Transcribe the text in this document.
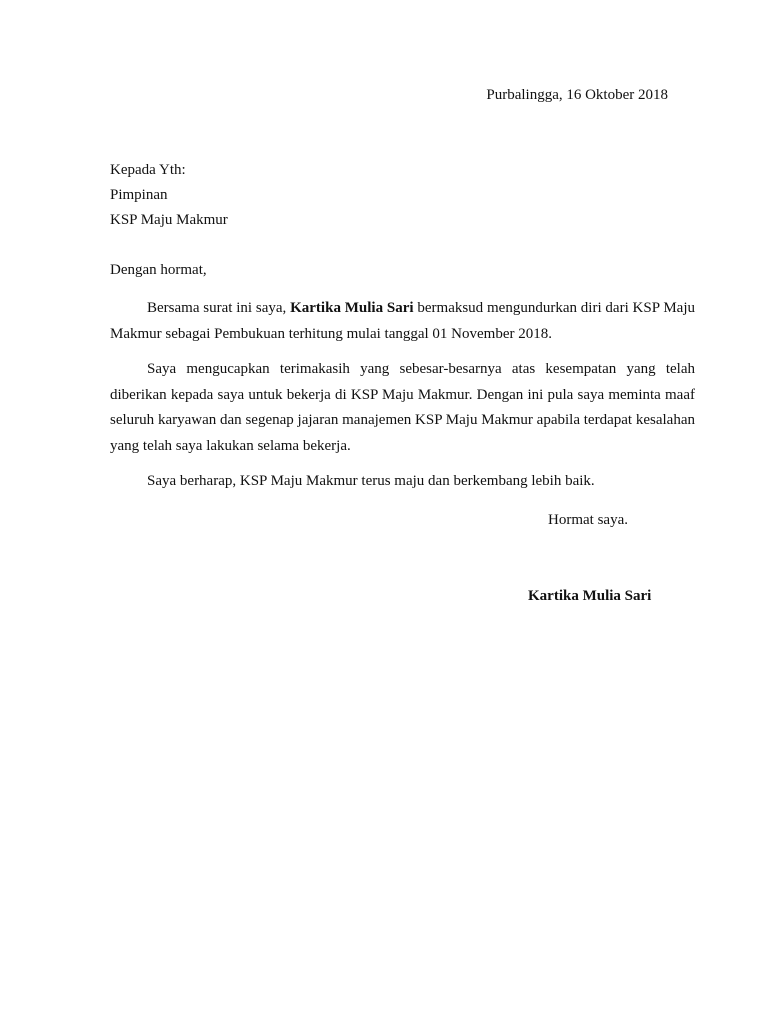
Purbalingga, 16 Oktober 2018
Kepada Yth:
Pimpinan
KSP Maju Makmur
Dengan hormat,

Bersama surat ini saya, Kartika Mulia Sari bermaksud mengundurkan diri dari KSP Maju Makmur sebagai Pembukuan terhitung mulai tanggal 01 November 2018.

Saya mengucapkan terimakasih yang sebesar-besarnya atas kesempatan yang telah diberikan kepada saya untuk bekerja di KSP Maju Makmur. Dengan ini pula saya meminta maaf seluruh karyawan dan segenap jajaran manajemen KSP Maju Makmur apabila terdapat kesalahan yang telah saya lakukan selama bekerja.

Saya berharap, KSP Maju Makmur terus maju dan berkembang lebih baik.

Hormat saya.
Kartika Mulia Sari
